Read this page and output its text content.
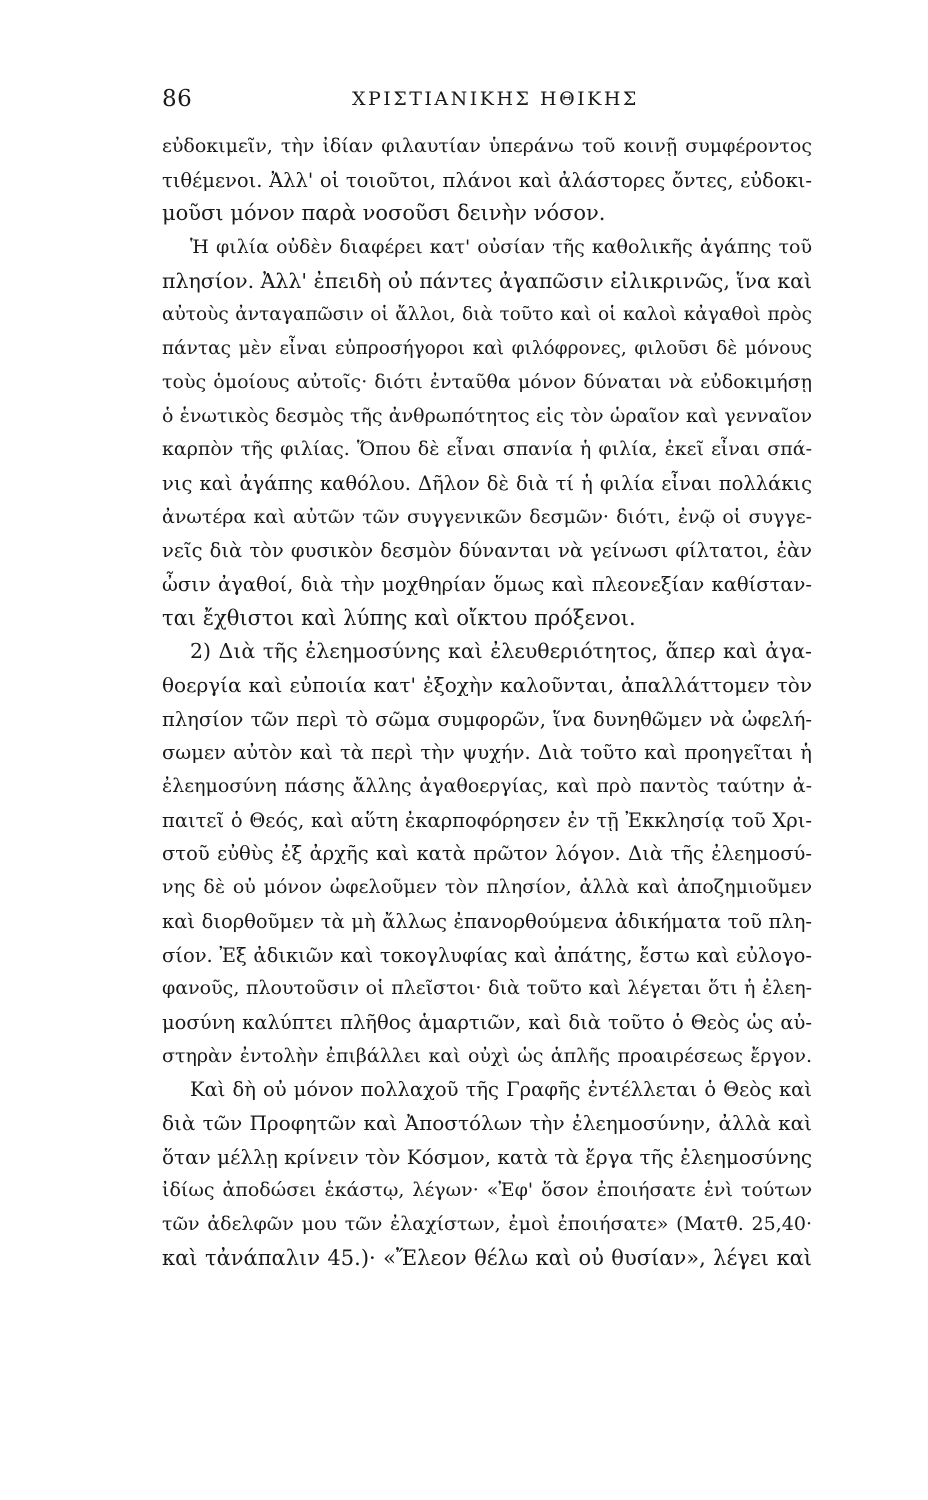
86	ΧΡΙΣΤΙΑΝΙΚΗΣ ΗΘΙΚΗΣ
εὐδοκιμεῖν, τὴν ἰδίαν φιλαυτίαν ὑπεράνω τοῦ κοινῇ συμφέροντος
τιθέμενοι. Ἀλλ' οἱ τοιοῦτοι, πλάνοι καὶ ἀλάστορες ὄντες, εὐδοκι-
μοῦσι μόνον παρὰ νοσοῦσι δεινὴν νόσον.
Ἡ φιλία οὐδὲν διαφέρει κατ' οὐσίαν τῆς καθολικῆς ἀγάπης τοῦ
πλησίον. Ἀλλ' ἐπειδὴ οὐ πάντες ἀγαπῶσιν εἰλικρινῶς, ἵνα καὶ
αὐτοὺς ἀνταγαπῶσιν οἱ ἄλλοι, διὰ τοῦτο καὶ οἱ καλοὶ κἀγαθοὶ πρὸς
πάντας μὲν εἶναι εὐπροσήγοροι καὶ φιλόφρονες, φιλοῦσι δὲ μόνους
τοὺς ὁμοίους αὐτοῖς· διότι ἐνταῦθα μόνον δύναται νὰ εὐδοκιμήσῃ
ὁ ἑνωτικὸς δεσμὸς τῆς ἀνθρωπότητος εἰς τὸν ὡραῖον καὶ γενναῖον
καρπὸν τῆς φιλίας. Ὅπου δὲ εἶναι σπανία ἡ φιλία, ἐκεῖ εἶναι σπά-
νις καὶ ἀγάπης καθόλου. Δῆλον δὲ διὰ τί ἡ φιλία εἶναι πολλάκις
ἀνωτέρα καὶ αὐτῶν τῶν συγγενικῶν δεσμῶν· διότι, ἐνῷ οἱ συγγε-
νεῖς διὰ τὸν φυσικὸν δεσμὸν δύνανται νὰ γείνωσι φίλτατοι, ἐὰν
ὦσιν ἀγαθοί, διὰ τὴν μοχθηρίαν ὅμως καὶ πλεονεξίαν καθίσταν-
ται ἔχθιστοι καὶ λύπης καὶ οἴκτου πρόξενοι.
2) Διὰ τῆς ἐλεημοσύνης καὶ ἐλευθεριότητος, ἅπερ καὶ ἀγα-
θοεργία καὶ εὐποιία κατ' ἐξοχὴν καλοῦνται, ἀπαλλάττομεν τὸν
πλησίον τῶν περὶ τὸ σῶμα συμφορῶν, ἵνα δυνηθῶμεν νὰ ὠφελή-
σωμεν αὐτὸν καὶ τὰ περὶ τὴν ψυχήν. Διὰ τοῦτο καὶ προηγεῖται ἡ
ἐλεημοσύνη πάσης ἄλλης ἀγαθοεργίας, καὶ πρὸ παντὸς ταύτην ἀ-
παιτεῖ ὁ Θεός, καὶ αὕτη ἐκαρποφόρησεν ἐν τῇ Ἐκκλησίᾳ τοῦ Χρι-
στοῦ εὐθὺς ἐξ ἀρχῆς καὶ κατὰ πρῶτον λόγον. Διὰ τῆς ἐλεημοσύ-
νης δὲ οὐ μόνον ὠφελοῦμεν τὸν πλησίον, ἀλλὰ καὶ ἀποζημιοῦμεν
καὶ διορθοῦμεν τὰ μὴ ἄλλως ἐπανορθούμενα ἀδικήματα τοῦ πλη-
σίον. Ἐξ ἀδικιῶν καὶ τοκογλυφίας καὶ ἀπάτης, ἔστω καὶ εὐλογο-
φανοῦς, πλουτοῦσιν οἱ πλεῖστοι· διὰ τοῦτο καὶ λέγεται ὅτι ἡ ἐλεη-
μοσύνη καλύπτει πλῆθος ἁμαρτιῶν, καὶ διὰ τοῦτο ὁ Θεὸς ὡς αὐ-
στηρὰν ἐντολὴν ἐπιβάλλει καὶ οὐχὶ ὡς ἁπλῆς προαιρέσεως ἔργον.
Καὶ δὴ οὐ μόνον πολλαχοῦ τῆς Γραφῆς ἐντέλλεται ὁ Θεὸς καὶ
διὰ τῶν Προφητῶν καὶ Ἀποστόλων τὴν ἐλεημοσύνην, ἀλλὰ καὶ
ὅταν μέλλῃ κρίνειν τὸν Κόσμον, κατὰ τὰ ἔργα τῆς ἐλεημοσύνης
ἰδίως ἀποδώσει ἑκάστῳ, λέγων· «Ἐφ' ὅσον ἐποιήσατε ἑνὶ τούτων
τῶν ἀδελφῶν μου τῶν ἐλαχίστων, ἐμοὶ ἐποιήσατε» (Ματθ. 25,40·
καὶ τἀνάπαλιν 45.)· «Ἔλεον θέλω καὶ οὐ θυσίαν», λέγει καὶ
